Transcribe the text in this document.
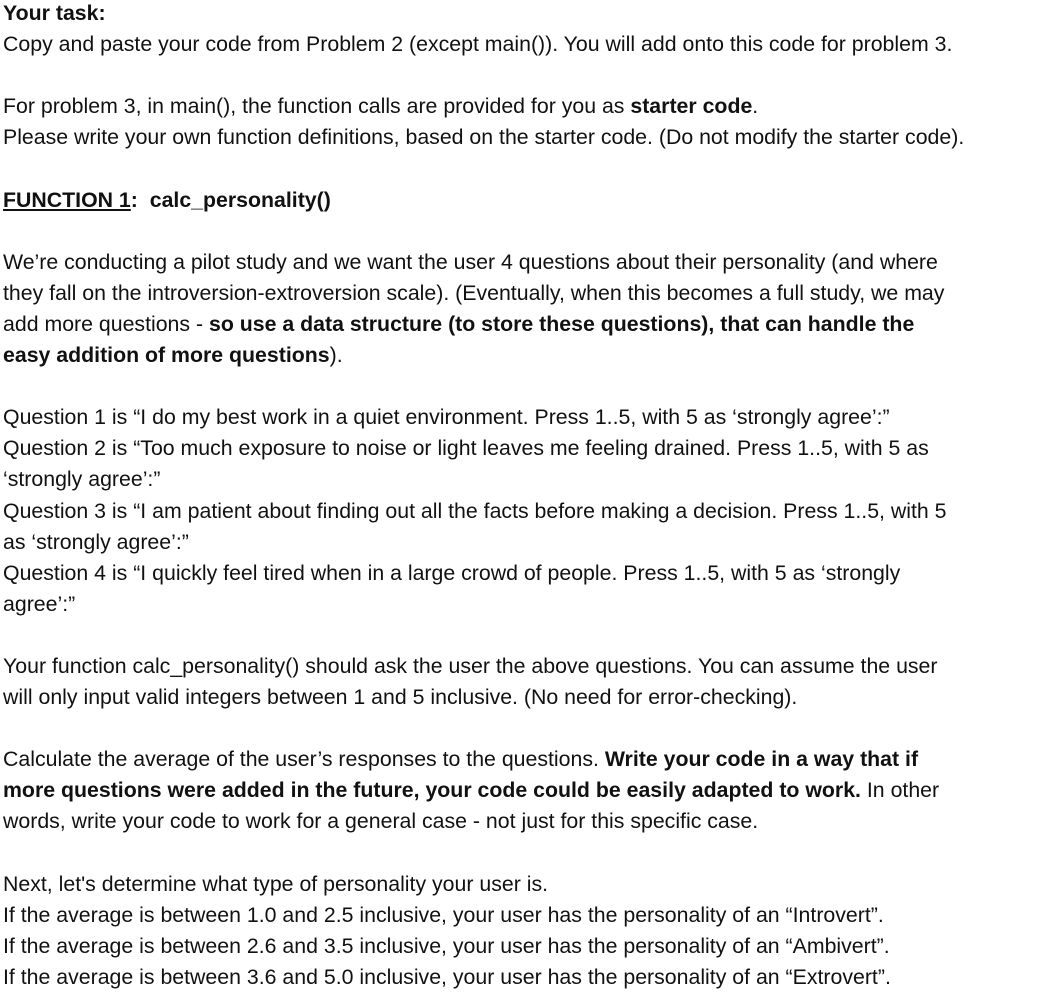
Your task:

Copy and paste your code from Problem 2 (except main()). You will add onto this code for problem 3.

For problem 3, in main(), the function calls are provided for you as starter code.

Please write your own function definitions, based on the starter code. (Do not modify the starter code).

FUNCTION 1: calc_personality()

We’re conducting a pilot study and we want the user 4 questions about their personality (and where

they fall on the introversion-extroversion scale). (Eventually, when this becomes a full study, we may

add more questions - so use a data structure (to store these questions), that can handle the

easy addition of more questions).

Question 1 is “I do my best work in a quiet environment. Press 1..5, with 5 as ‘strongly agree’:”

Question 2 is “Too much exposure to noise or light leaves me feeling drained. Press 1..5, with 5 as

‘strongly agree’:”

Question 3 is “I am patient about finding out all the facts before making a decision. Press 1..5, with 5

as ‘strongly agree’:”

Question 4 is “I quickly feel tired when in a large crowd of people. Press 1..5, with 5 as ‘strongly

agree’:”

Your function calc_personality() should ask the user the above questions. You can assume the user

will only input valid integers between 1 and 5 inclusive. (No need for error-checking).

Calculate the average of the user’s responses to the questions. Write your code in a way that if

more questions were added in the future, your code could be easily adapted to work. In other

words, write your code to work for a general case - not just for this specific case.

Next, let's determine what type of personality your user is.

If the average is between 1.0 and 2.5 inclusive, your user has the personality of an “Introvert”.

If the average is between 2.6 and 3.5 inclusive, your user has the personality of an “Ambivert”.

If the average is between 3.6 and 5.0 inclusive, your user has the personality of an “Extrovert”.
